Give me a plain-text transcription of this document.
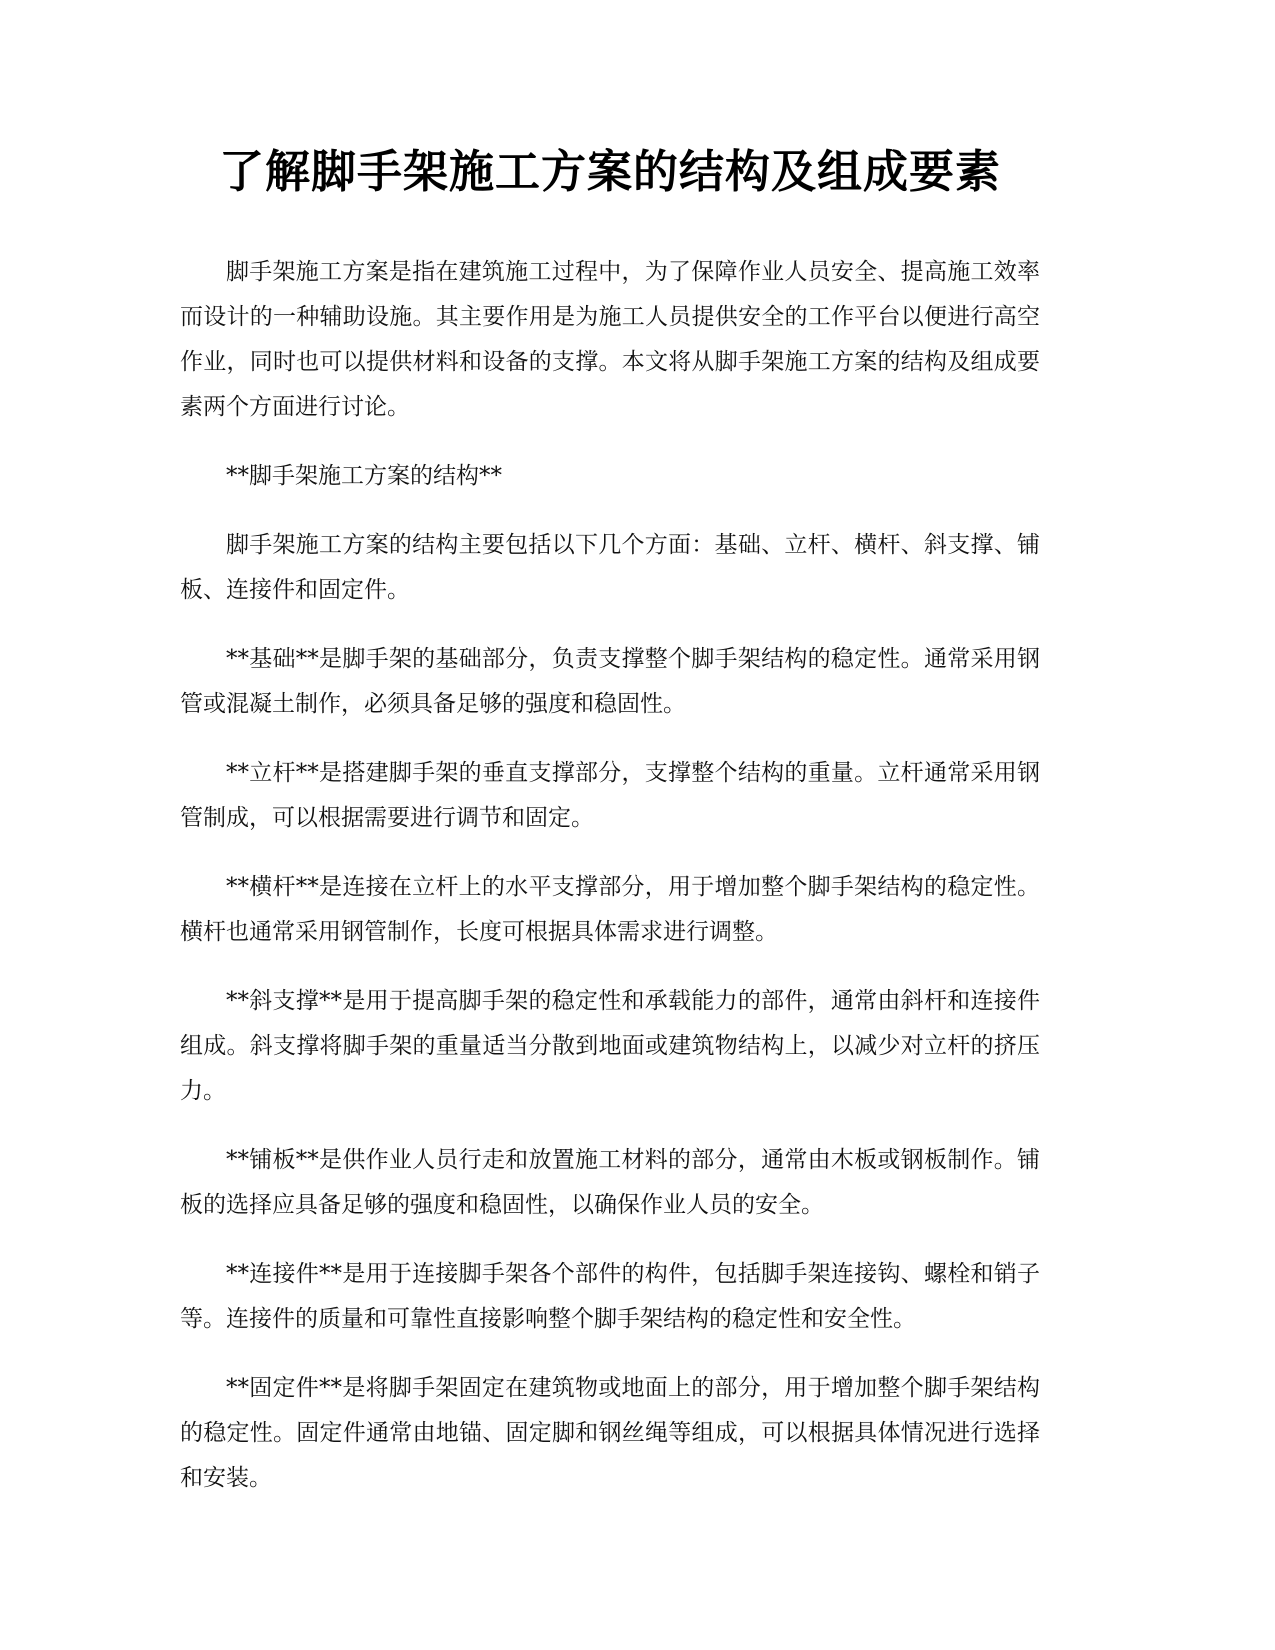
了解脚手架施工方案的结构及组成要素

脚手架施工方案是指在建筑施工过程中，为了保障作业人员安全、提高施工效率而设计的一种辅助设施。其主要作用是为施工人员提供安全的工作平台以便进行高空作业，同时也可以提供材料和设备的支撑。本文将从脚手架施工方案的结构及组成要素两个方面进行讨论。

**脚手架施工方案的结构**

脚手架施工方案的结构主要包括以下几个方面：基础、立杆、横杆、斜支撑、铺板、连接件和固定件。

**基础**是脚手架的基础部分，负责支撑整个脚手架结构的稳定性。通常采用钢管或混凝土制作，必须具备足够的强度和稳固性。

**立杆**是搭建脚手架的垂直支撑部分，支撑整个结构的重量。立杆通常采用钢管制成，可以根据需要进行调节和固定。

**横杆**是连接在立杆上的水平支撑部分，用于增加整个脚手架结构的稳定性。横杆也通常采用钢管制作，长度可根据具体需求进行调整。

**斜支撑**是用于提高脚手架的稳定性和承载能力的部件，通常由斜杆和连接件组成。斜支撑将脚手架的重量适当分散到地面或建筑物结构上，以减少对立杆的挤压力。

**铺板**是供作业人员行走和放置施工材料的部分，通常由木板或钢板制作。铺板的选择应具备足够的强度和稳固性，以确保作业人员的安全。

**连接件**是用于连接脚手架各个部件的构件，包括脚手架连接钩、螺栓和销子等。连接件的质量和可靠性直接影响整个脚手架结构的稳定性和安全性。

**固定件**是将脚手架固定在建筑物或地面上的部分，用于增加整个脚手架结构的稳定性。固定件通常由地锚、固定脚和钢丝绳等组成，可以根据具体情况进行选择和安装。
